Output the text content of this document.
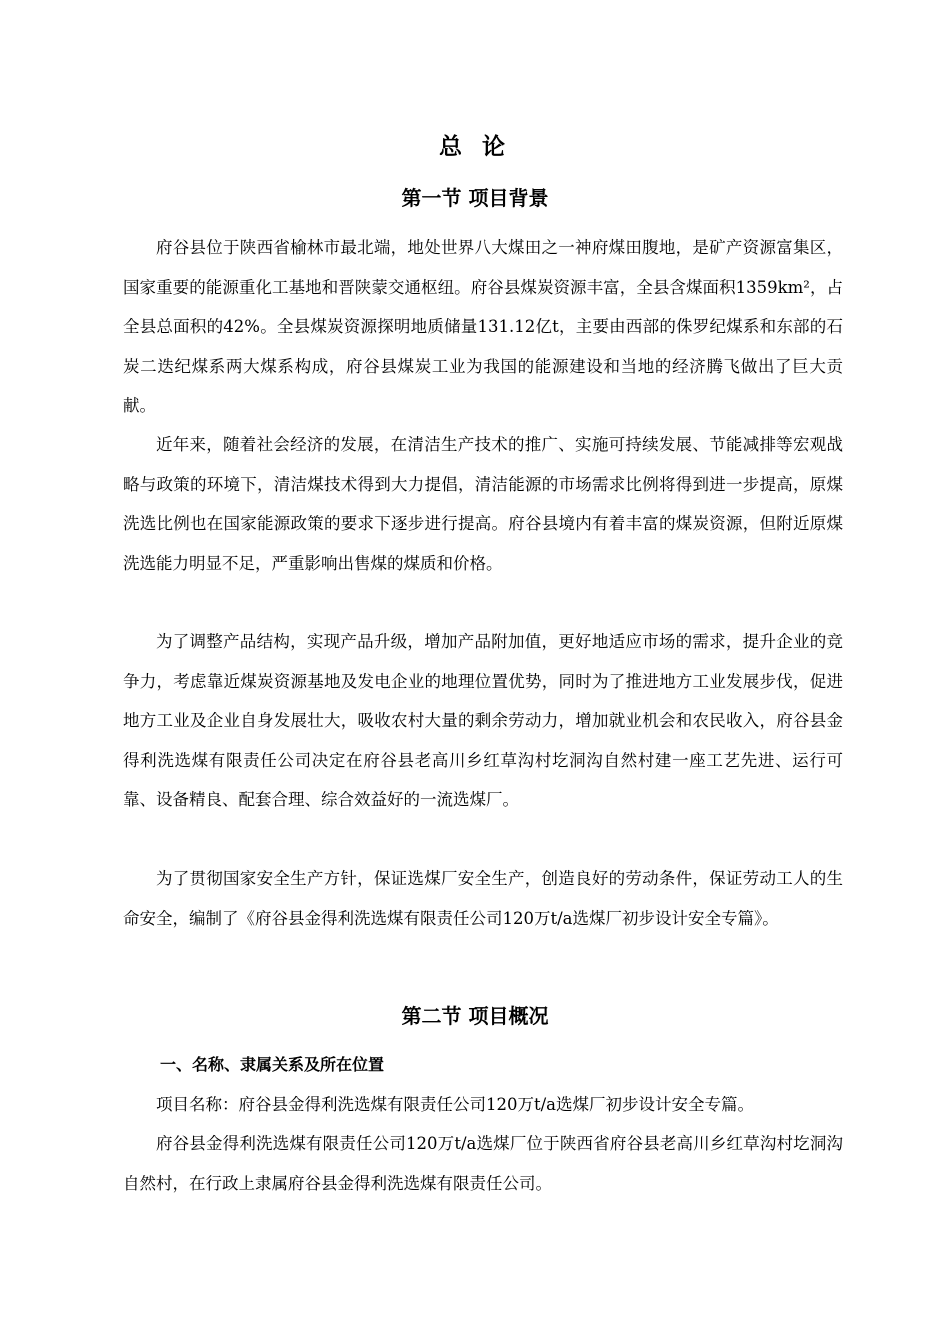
总 论
第一节 项目背景

府谷县位于陕西省榆林市最北端，地处世界八大煤田之一神府煤田腹地，是矿产资源富集区，国家重要的能源重化工基地和晋陕蒙交通枢纽。府谷县煤炭资源丰富，全县含煤面积1359km²，占全县总面积的42%。全县煤炭资源探明地质储量131.12亿t，主要由西部的侏罗纪煤系和东部的石炭二迭纪煤系两大煤系构成，府谷县煤炭工业为我国的能源建设和当地的经济腾飞做出了巨大贡献。

近年来，随着社会经济的发展，在清洁生产技术的推广、实施可持续发展、节能减排等宏观战略与政策的环境下，清洁煤技术得到大力提倡，清洁能源的市场需求比例将得到进一步提高，原煤洗选比例也在国家能源政策的要求下逐步进行提高。府谷县境内有着丰富的煤炭资源，但附近原煤洗选能力明显不足，严重影响出售煤的煤质和价格。

为了调整产品结构，实现产品升级，增加产品附加值，更好地适应市场的需求，提升企业的竞争力，考虑靠近煤炭资源基地及发电企业的地理位置优势，同时为了推进地方工业发展步伐，促进地方工业及企业自身发展壮大，吸收农村大量的剩余劳动力，增加就业机会和农民收入，府谷县金得利洗选煤有限责任公司决定在府谷县老高川乡红草沟村圪洞沟自然村建一座工艺先进、运行可靠、设备精良、配套合理、综合效益好的一流选煤厂。

为了贯彻国家安全生产方针，保证选煤厂安全生产，创造良好的劳动条件，保证劳动工人的生命安全，编制了《府谷县金得利洗选煤有限责任公司120万t/a选煤厂初步设计安全专篇》。

第二节 项目概况
一、名称、隶属关系及所在位置

项目名称：府谷县金得利洗选煤有限责任公司120万t/a选煤厂初步设计安全专篇。

府谷县金得利洗选煤有限责任公司120万t/a选煤厂位于陕西省府谷县老高川乡红草沟村圪洞沟自然村，在行政上隶属府谷县金得利洗选煤有限责任公司。
